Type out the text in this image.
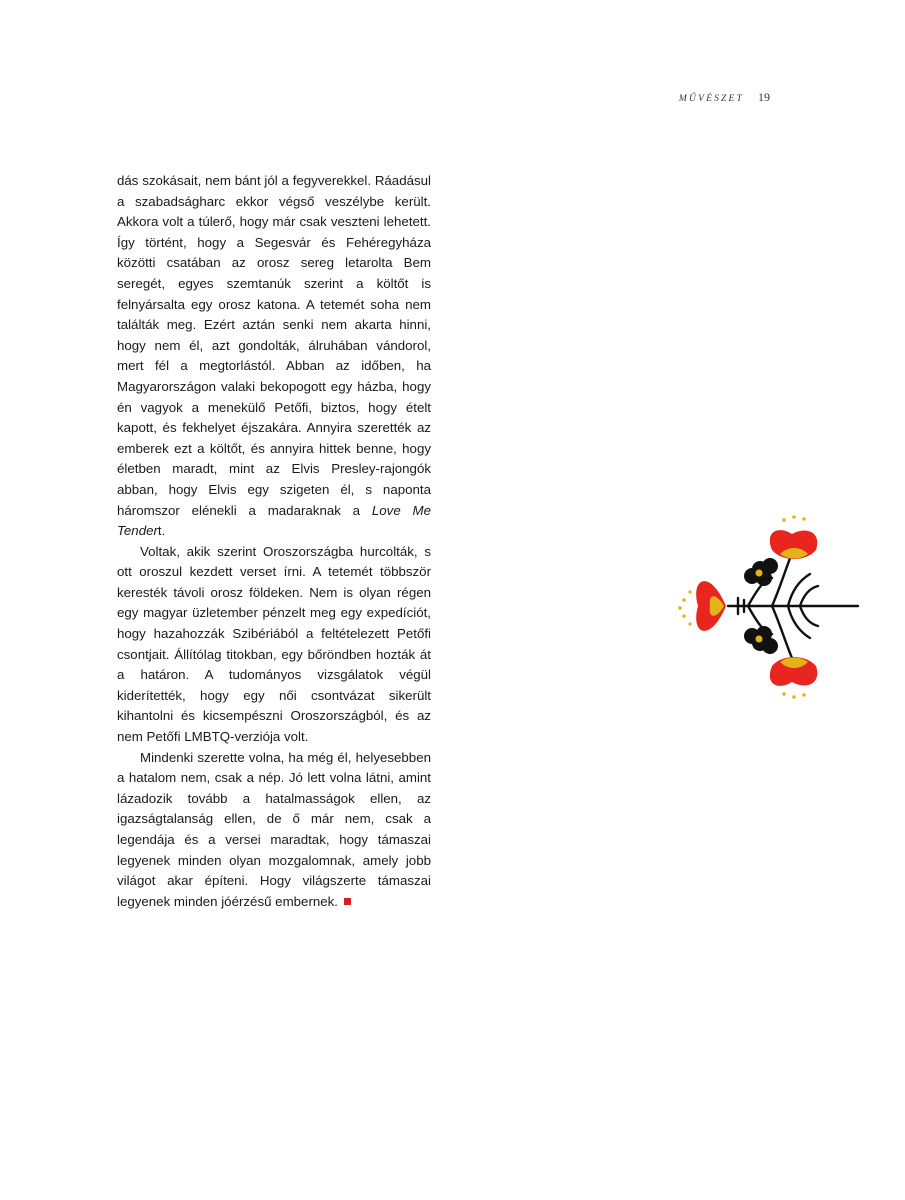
MŰVÉSZET 19

dás szokásait, nem bánt jól a fegyverekkel. Ráadásul a szabadságharc ekkor végső veszélybe került. Akkora volt a túlerő, hogy már csak veszteni lehetett. Így történt, hogy a Segesvár és Fehéregyháza közötti csatában az orosz sereg letarolta Bem seregét, egyes szemtanúk szerint a költőt is felnyársalta egy orosz katona. A tetemét soha nem találták meg. Ezért aztán senki nem akarta hinni, hogy nem él, azt gondolták, álruhában vándorol, mert fél a megtorlástól. Abban az időben, ha Magyarországon valaki bekopogott egy házba, hogy én vagyok a menekülő Petőfi, biztos, hogy ételt kapott, és fekhelyet éjszakára. Annyira szerették az emberek ezt a költőt, és annyira hittek benne, hogy életben maradt, mint az Elvis Presley-rajongók abban, hogy Elvis egy szigeten él, s naponta háromszor elénekli a madaraknak a Love Me Tendert.

Voltak, akik szerint Oroszországba hurcolták, s ott oroszul kezdett verset írni. A tetemét többször keresték távoli orosz földeken. Nem is olyan régen egy magyar üzletember pénzelt meg egy expedíciót, hogy hazahozzák Szibériából a feltételezett Petőfi csontjait. Állítólag titokban, egy bőröndben hozták át a határon. A tudományos vizsgálatok végül kiderítették, hogy egy női csontvázat sikerült kihantolni és kicsempészni Oroszországból, és az nem Petőfi LMBTQ-verziója volt.

Mindenki szerette volna, ha még él, helyesebben a hatalom nem, csak a nép. Jó lett volna látni, amint lázadozik tovább a hatalmasságok ellen, az igazságtalanság ellen, de ő már nem, csak a legendája és a versei maradtak, hogy támaszai legyenek minden olyan mozgalomnak, amely jobb világot akar építeni. Hogy világszerte támaszai legyenek minden jóérzésű embernek.
